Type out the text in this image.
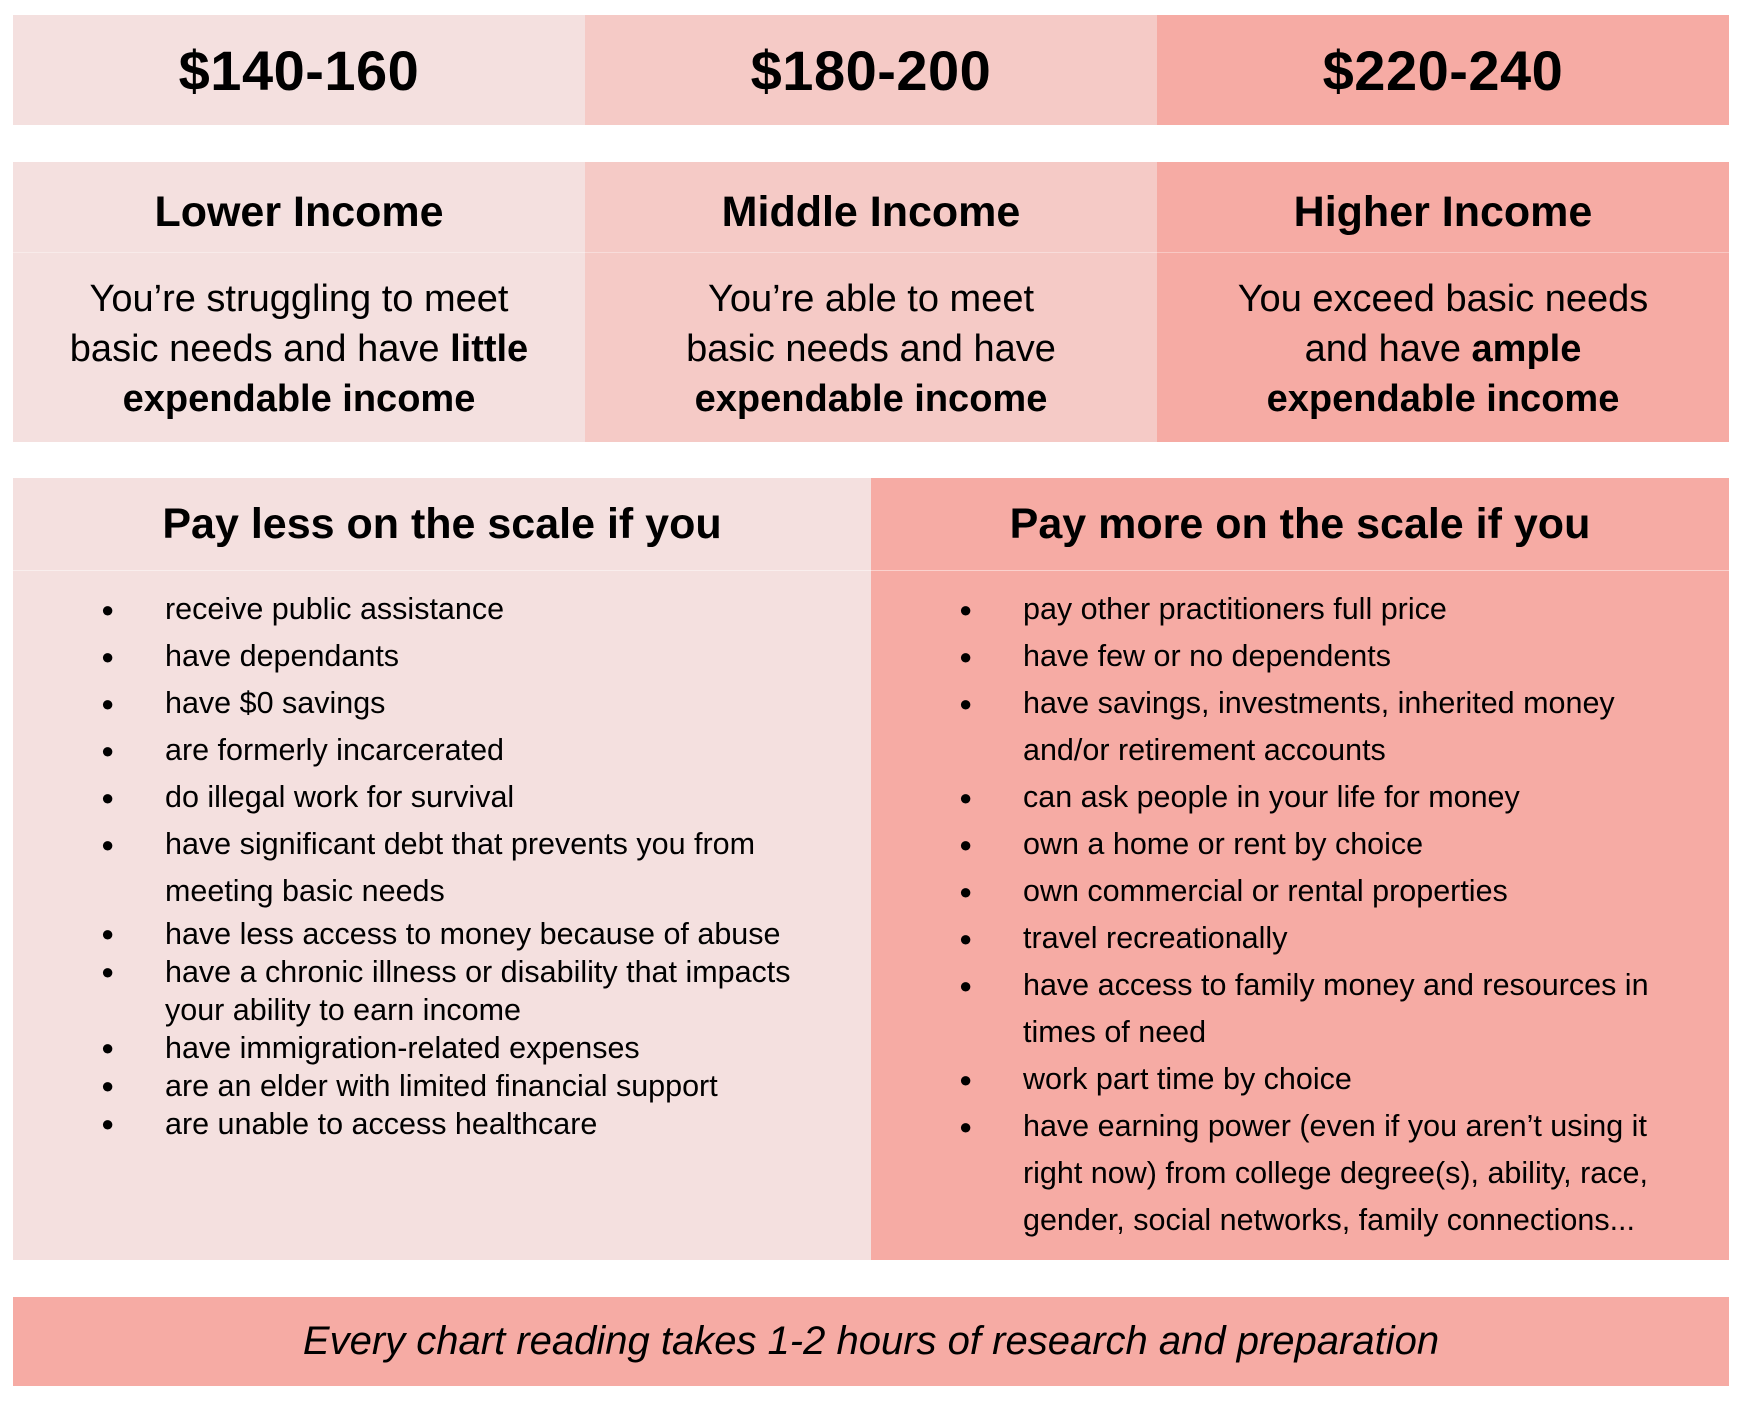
$140-160	$180-200	$220-240
Lower Income
You’re struggling to meet
basic needs and have little
expendable income
Middle Income
You’re able to meet
basic needs and have
expendable income
Higher Income
You exceed basic needs
and have ample
expendable income
Pay less on the scale if you
● receive public assistance
● have dependants
● have $0 savings
● are formerly incarcerated
● do illegal work for survival
● have significant debt that prevents you from
meeting basic needs
● have less access to money because of abuse
● have a chronic illness or disability that impacts
your ability to earn income
● have immigration-related expenses
● are an elder with limited financial support
● are unable to access healthcare
Pay more on the scale if you
● pay other practitioners full price
● have few or no dependents
● have savings, investments, inherited money
and/or retirement accounts
● can ask people in your life for money
● own a home or rent by choice
● own commercial or rental properties
● travel recreationally
● have access to family money and resources in
times of need
● work part time by choice
● have earning power (even if you aren’t using it
right now) from college degree(s), ability, race,
gender, social networks, family connections...
Every chart reading takes 1-2 hours of research and preparation
